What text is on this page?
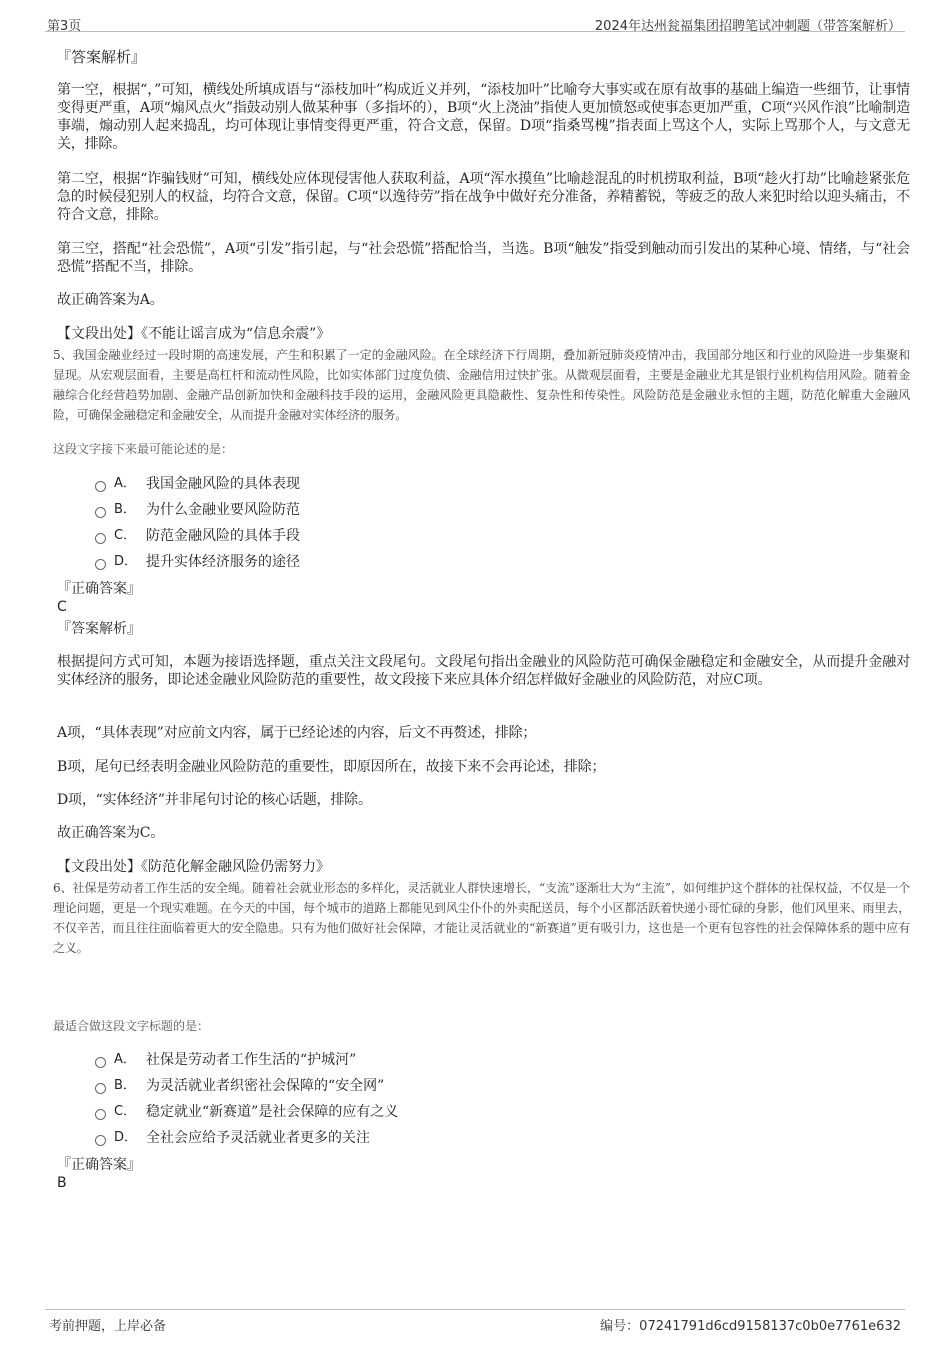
第3页	2024年达州瓮福集团招聘笔试冲刺题（带答案解析）
『答案解析』

第一空，根据“，”可知，横线处所填成语与“添枝加叶”构成近义并列，“添枝加叶”比喻夸大事实或在原有故事的基础上编造一些细节，让事情变得更严重，A项“煽风点火”指鼓动别人做某种事（多指坏的），B项“火上浇油”指使人更加愤怒或使事态更加严重，C项“兴风作浪”比喻制造事端，煽动别人起来捣乱，均可体现让事情变得更严重，符合文意，保留。D项“指桑骂槐”指表面上骂这个人，实际上骂那个人，与文意无关，排除。

第二空，根据“诈骗钱财”可知，横线处应体现侵害他人获取利益，A项“浑水摸鱼”比喻趁混乱的时机捞取利益，B项“趁火打劫”比喻趁紧张危急的时候侵犯别人的权益，均符合文意，保留。C项“以逸待劳”指在战争中做好充分准备，养精蓄锐，等疲乏的敌人来犯时给以迎头痛击，不符合文意，排除。

第三空，搭配“社会恐慌”，A项“引发”指引起，与“社会恐慌”搭配恰当，当选。B项“触发”指受到触动而引发出的某种心境、情绪，与“社会恐慌”搭配不当，排除。

故正确答案为A。

【文段出处】《不能让谣言成为“信息余震”》

5、我国金融业经过一段时期的高速发展，产生和积累了一定的金融风险。在全球经济下行周期，叠加新冠肺炎疫情冲击，我国部分地区和行业的风险进一步集聚和显现。从宏观层面看，主要是高杠杆和流动性风险，比如实体部门过度负债、金融信用过快扩张。从微观层面看，主要是金融业尤其是银行业机构信用风险。随着金融综合化经营趋势加剧、金融产品创新加快和金融科技手段的运用，金融风险更具隐蔽性、复杂性和传染性。风险防范是金融业永恒的主题，防范化解重大金融风险，可确保金融稳定和金融安全，从而提升金融对实体经济的服务。

这段文字接下来最可能论述的是：
A． 我国金融风险的具体表现
B． 为什么金融业要风险防范
C． 防范金融风险的具体手段
D． 提升实体经济服务的途径
『正确答案』
C
『答案解析』

根据提问方式可知，本题为接语选择题，重点关注文段尾句。文段尾句指出金融业的风险防范可确保金融稳定和金融安全，从而提升金融对实体经济的服务，即论述金融业风险防范的重要性，故文段接下来应具体介绍怎样做好金融业的风险防范，对应C项。

A项，“具体表现”对应前文内容，属于已经论述的内容，后文不再赘述，排除；

B项，尾句已经表明金融业风险防范的重要性，即原因所在，故接下来不会再论述，排除；

D项，“实体经济”并非尾句讨论的核心话题，排除。

故正确答案为C。

【文段出处】《防范化解金融风险仍需努力》

6、社保是劳动者工作生活的安全绳。随着社会就业形态的多样化，灵活就业人群快速增长，“支流”逐渐壮大为“主流”，如何维护这个群体的社保权益，不仅是一个理论问题，更是一个现实难题。在今天的中国，每个城市的道路上都能见到风尘仆仆的外卖配送员，每个小区都活跃着快递小哥忙碌的身影，他们风里来、雨里去，不仅辛苦，而且往往面临着更大的安全隐患。只有为他们做好社会保障，才能让灵活就业的“新赛道”更有吸引力，这也是一个更有包容性的社会保障体系的题中应有之义。

最适合做这段文字标题的是：
A． 社保是劳动者工作生活的“护城河”
B． 为灵活就业者织密社会保障的“安全网”
C． 稳定就业“新赛道”是社会保障的应有之义
D． 全社会应给予灵活就业者更多的关注
『正确答案』
B
考前押题，上岸必备	编号：07241791d6cd9158137c0b0e7761e632
